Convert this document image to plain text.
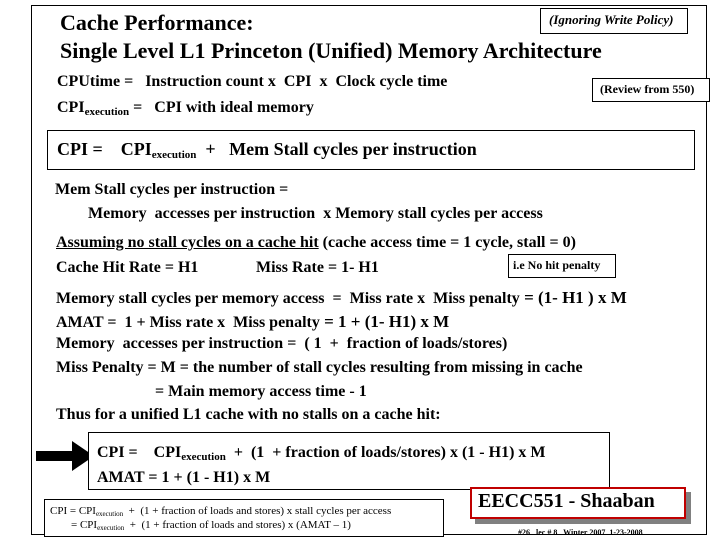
(Ignoring Write Policy)
Cache Performance:
Single Level L1 Princeton (Unified) Memory Architecture
CPUtime =   Instruction count x  CPI  x  Clock cycle time
$CPI_{execution}$ =   CPI with ideal memory
(Review from 550)
CPI =    $CPI_{execution}$  +   Mem Stall cycles per instruction
Mem Stall cycles per instruction =
Memory  accesses per instruction  x Memory stall cycles per access
Assuming no stall cycles on a cache hit (cache access time = 1 cycle, stall = 0)
Cache Hit Rate = H1	Miss Rate = 1- H1	i.e No hit penalty
Memory stall cycles per memory access  =  Miss rate x  Miss penalty = (1- H1 ) x M
AMAT =  1 + Miss rate x  Miss penalty = 1 + (1- H1) x M
Memory  accesses per instruction =  ( 1  +  fraction of loads/stores)
Miss Penalty = M = the number of stall cycles resulting from missing in cache
= Main memory access time - 1
Thus for a unified L1 cache with no stalls on a cache hit:
CPI =    $CPI_{execution} + (1$  + fraction of loads/stores) x (1 - H1) x M
AMAT = 1 + (1 - H1) x M
CPI = CPIexecution  +  (1 + fraction of loads and stores) x stall cycles per access
= CPIexecution  +  (1 + fraction of loads and stores) x (AMAT – 1)
EECC551 - Shaaban
#26   lec # 8   Winter 2007  1-23-2008
